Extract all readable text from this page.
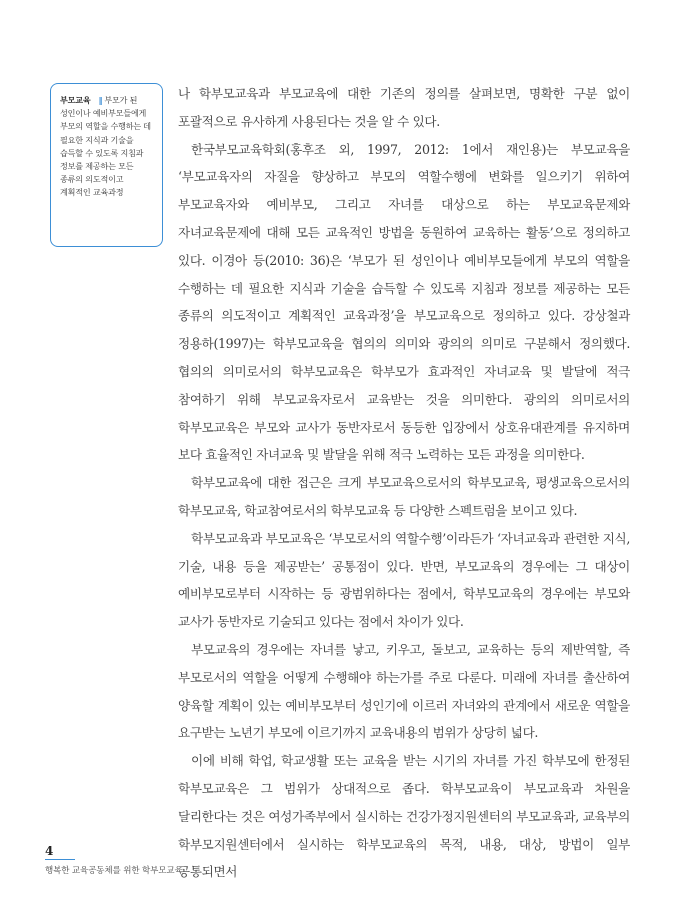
부모교육 ‖ 부모가 된 성인이나 예비부모들에게 부모의 역할을 수행하는 데 필요한 지식과 기술을 습득할 수 있도록 지침과 정보를 제공하는 모든 종류의 의도적이고 계획적인 교육과정

나 학부모교육과 부모교육에 대한 기존의 정의를 살펴보면, 명확한 구분 없이 포괄적으로 유사하게 사용된다는 것을 알 수 있다.

한국부모교육학회(홍후조 외, 1997, 2012: 1에서 재인용)는 부모교육을 ‘부모교육자의 자질을 향상하고 부모의 역할수행에 변화를 일으키기 위하여 부모교육자와 예비부모, 그리고 자녀를 대상으로 하는 부모교육문제와 자녀교육문제에 대해 모든 교육적인 방법을 동원하여 교육하는 활동’으로 정의하고 있다. 이경아 등(2010: 36)은 ‘부모가 된 성인이나 예비부모들에게 부모의 역할을 수행하는 데 필요한 지식과 기술을 습득할 수 있도록 지침과 정보를 제공하는 모든 종류의 의도적이고 계획적인 교육과정’을 부모교육으로 정의하고 있다. 강상철과 정용하(1997)는 학부모교육을 협의의 의미와 광의의 의미로 구분해서 정의했다. 협의의 의미로서의 학부모교육은 학부모가 효과적인 자녀교육 및 발달에 적극 참여하기 위해 부모교육자로서 교육받는 것을 의미한다. 광의의 의미로서의 학부모교육은 부모와 교사가 동반자로서 동등한 입장에서 상호유대관계를 유지하며 보다 효율적인 자녀교육 및 발달을 위해 적극 노력하는 모든 과정을 의미한다.

학부모교육에 대한 접근은 크게 부모교육으로서의 학부모교육, 평생교육으로서의 학부모교육, 학교참여로서의 학부모교육 등 다양한 스펙트럼을 보이고 있다.

학부모교육과 부모교육은 ‘부모로서의 역할수행’이라든가 ‘자녀교육과 관련한 지식, 기술, 내용 등을 제공받는’ 공통점이 있다. 반면, 부모교육의 경우에는 그 대상이 예비부모로부터 시작하는 등 광범위하다는 점에서, 학부모교육의 경우에는 부모와 교사가 동반자로 기술되고 있다는 점에서 차이가 있다.

부모교육의 경우에는 자녀를 낳고, 키우고, 돌보고, 교육하는 등의 제반역할, 즉 부모로서의 역할을 어떻게 수행해야 하는가를 주로 다룬다. 미래에 자녀를 출산하여 양육할 계획이 있는 예비부모부터 성인기에 이르러 자녀와의 관계에서 새로운 역할을 요구받는 노년기 부모에 이르기까지 교육내용의 범위가 상당히 넓다.

이에 비해 학업, 학교생활 또는 교육을 받는 시기의 자녀를 가진 학부모에 한정된 학부모교육은 그 범위가 상대적으로 좁다. 학부모교육이 부모교육과 차원을 달리한다는 것은 여성가족부에서 실시하는 건강가정지원센터의 부모교육과, 교육부의 학부모지원센터에서 실시하는 학부모교육의 목적, 내용, 대상, 방법이 일부 공통되면서

4
행복한 교육공동체를 위한 학부모교육
